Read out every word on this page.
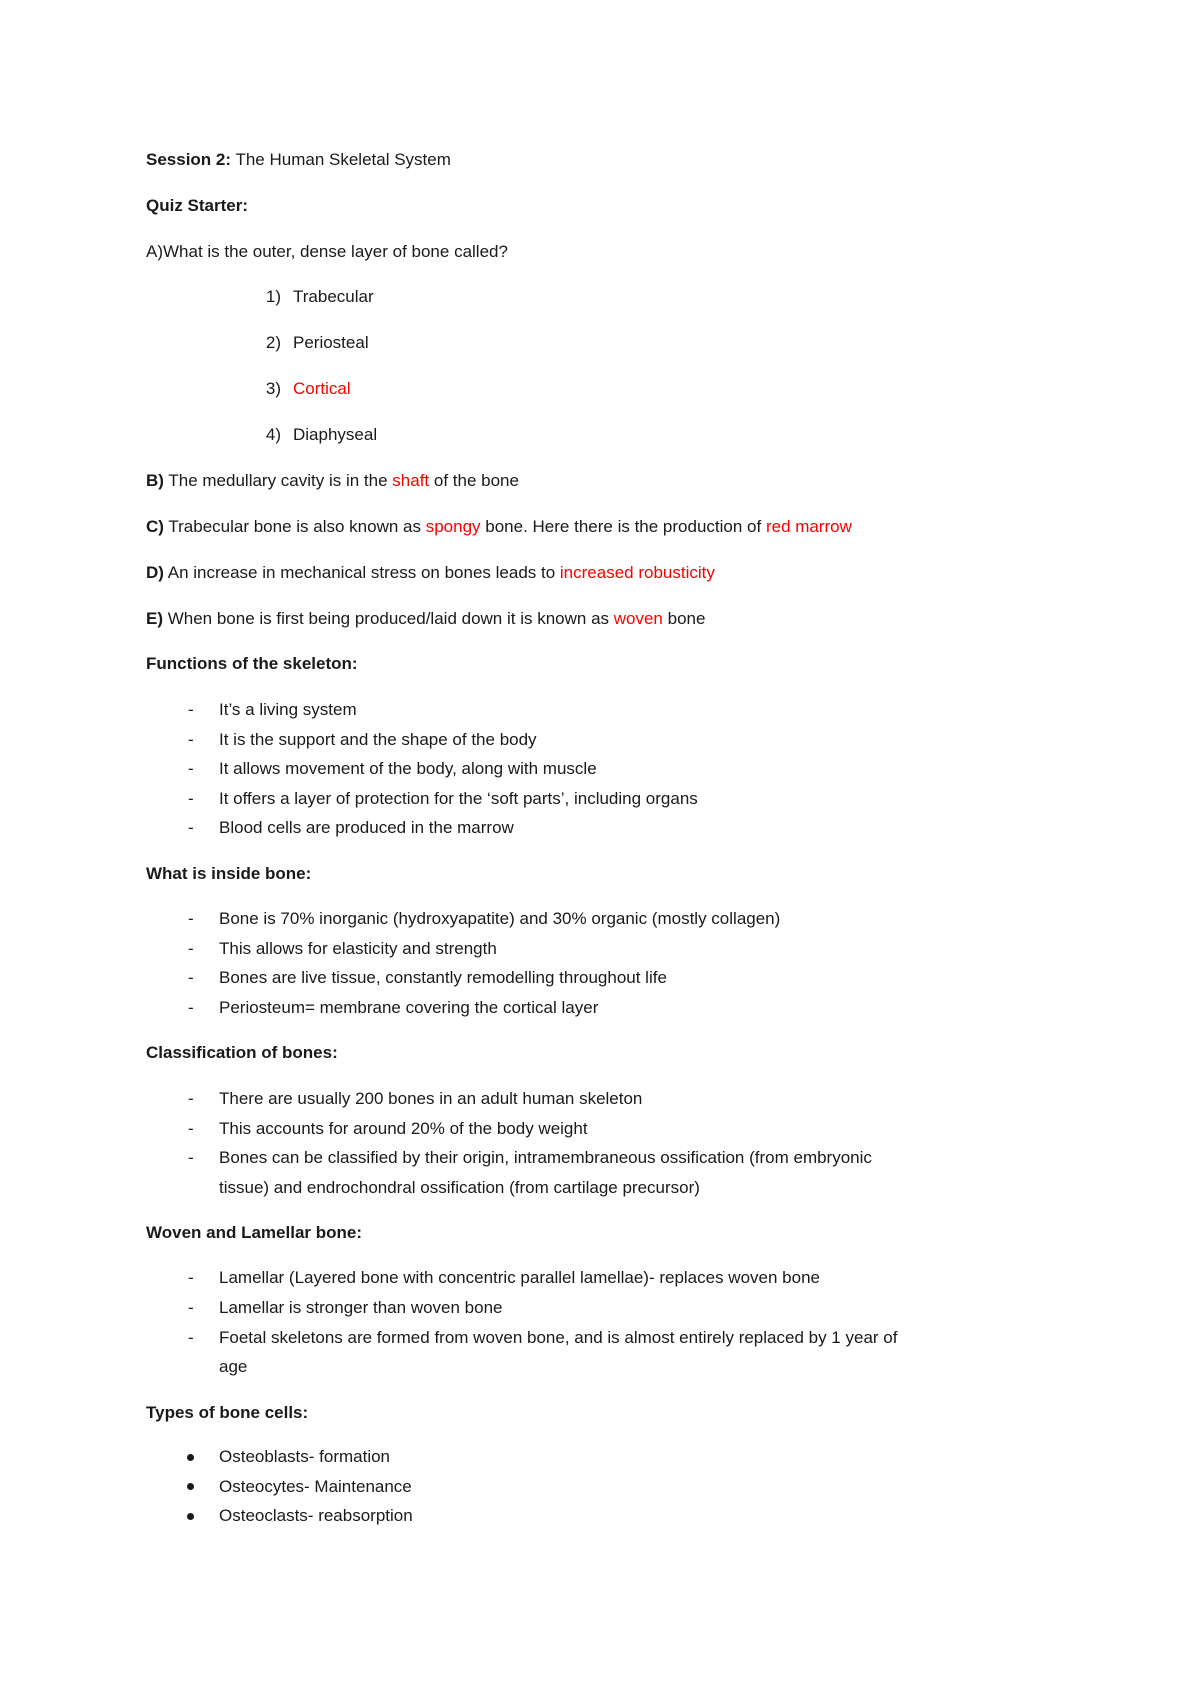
Session 2: The Human Skeletal System
Quiz Starter:
A)What is the outer, dense layer of bone called?
1) Trabecular
2) Periosteal
3) Cortical
4) Diaphyseal
B) The medullary cavity is in the shaft of the bone
C) Trabecular bone is also known as spongy bone. Here there is the production of red marrow
D) An increase in mechanical stress on bones leads to increased robusticity
E) When bone is first being produced/laid down it is known as woven bone
Functions of the skeleton:
- It’s a living system
- It is the support and the shape of the body
- It allows movement of the body, along with muscle
- It offers a layer of protection for the ‘soft parts’, including organs
- Blood cells are produced in the marrow
What is inside bone:
- Bone is 70% inorganic (hydroxyapatite) and 30% organic (mostly collagen)
- This allows for elasticity and strength
- Bones are live tissue, constantly remodelling throughout life
- Periosteum= membrane covering the cortical layer
Classification of bones:
- There are usually 200 bones in an adult human skeleton
- This accounts for around 20% of the body weight
- Bones can be classified by their origin, intramembraneous ossification (from embryonic
tissue) and endrochondral ossification (from cartilage precursor)
Woven and Lamellar bone:
- Lamellar (Layered bone with concentric parallel lamellae)- replaces woven bone
- Lamellar is stronger than woven bone
- Foetal skeletons are formed from woven bone, and is almost entirely replaced by 1 year of
age
Types of bone cells:
Osteoblasts- formation
Osteocytes- Maintenance
Osteoclasts- reabsorption
